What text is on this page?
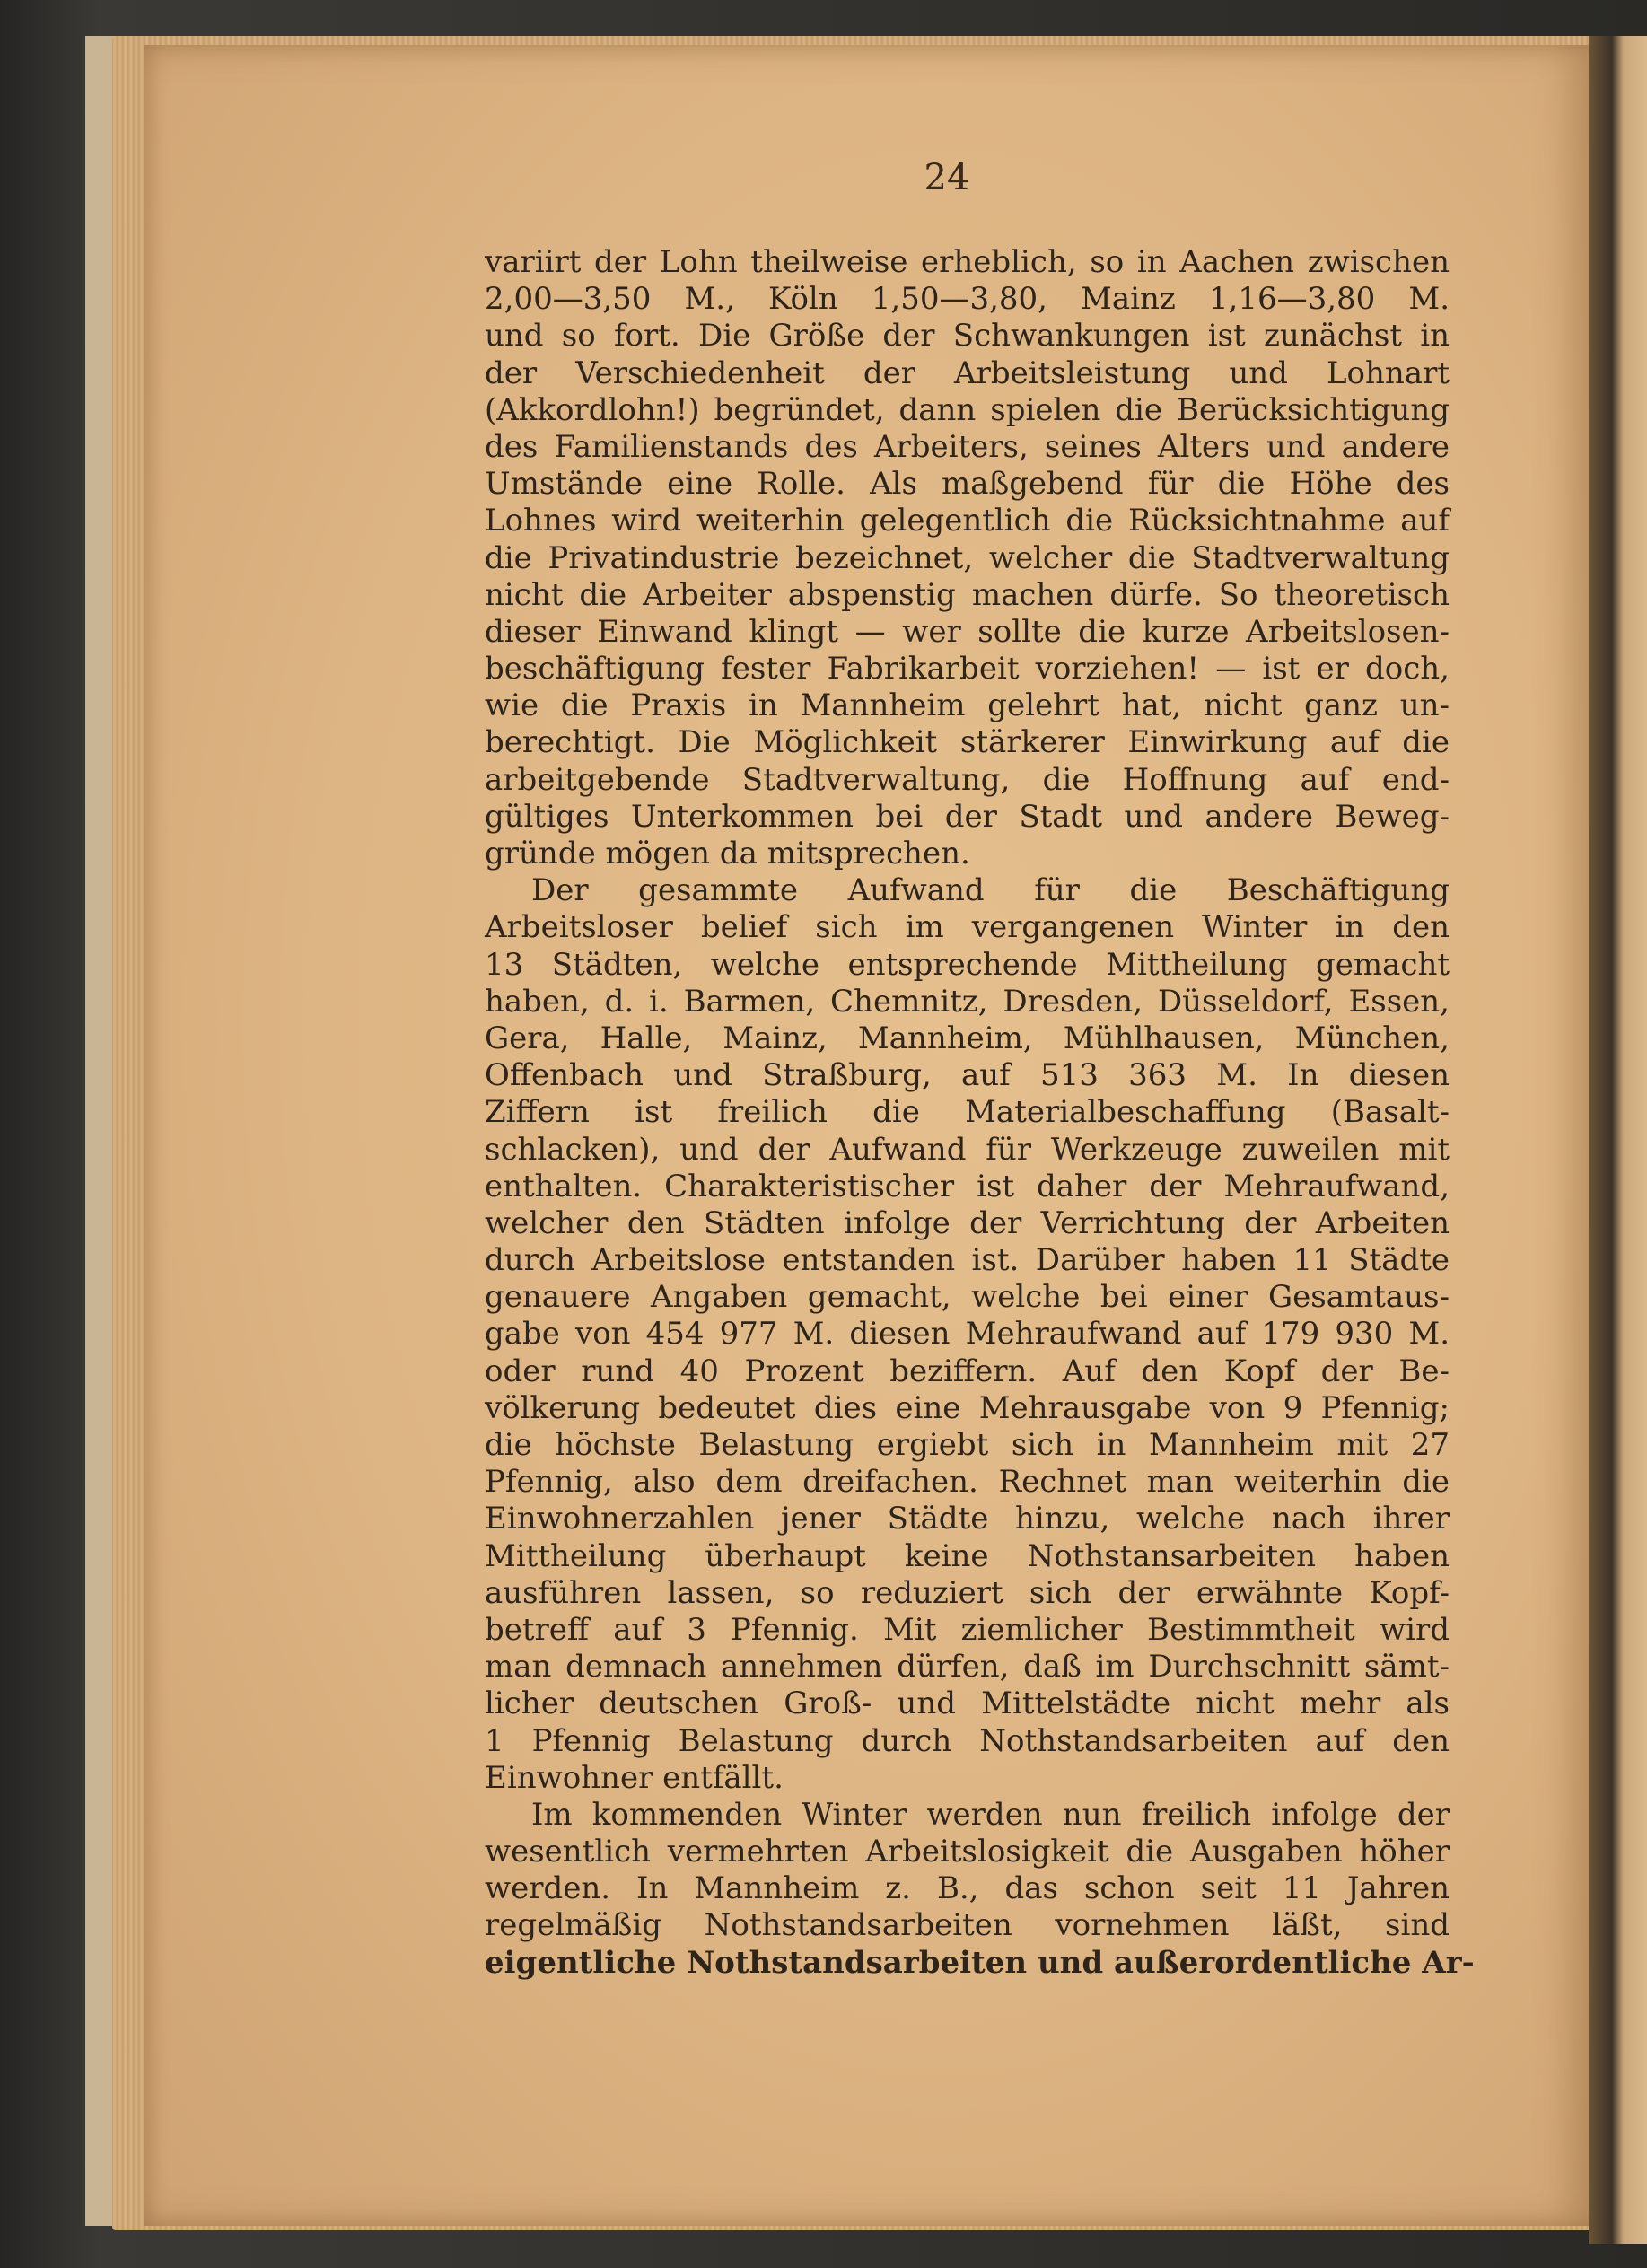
24
variirt der Lohn theilweise erheblich, so in Aachen zwischen
2,00—3,50 M., Köln 1,50—3,80, Mainz 1,16—3,80 M.
und so fort. Die Größe der Schwankungen ist zunächst in
der Verschiedenheit der Arbeitsleistung und Lohnart
(Akkordlohn!) begründet, dann spielen die Berücksichtigung
des Familienstands des Arbeiters, seines Alters und andere
Umstände eine Rolle. Als maßgebend für die Höhe des
Lohnes wird weiterhin gelegentlich die Rücksichtnahme auf
die Privatindustrie bezeichnet, welcher die Stadtverwaltung
nicht die Arbeiter abspenstig machen dürfe. So theoretisch
dieser Einwand klingt — wer sollte die kurze Arbeitslosen-
beschäftigung fester Fabrikarbeit vorziehen! — ist er doch,
wie die Praxis in Mannheim gelehrt hat, nicht ganz un-
berechtigt. Die Möglichkeit stärkerer Einwirkung auf die
arbeitgebende Stadtverwaltung, die Hoffnung auf end-
gültiges Unterkommen bei der Stadt und andere Beweg-
gründe mögen da mitsprechen.
Der gesammte Aufwand für die Beschäftigung
Arbeitsloser belief sich im vergangenen Winter in den
13 Städten, welche entsprechende Mittheilung gemacht
haben, d. i. Barmen, Chemnitz, Dresden, Düsseldorf, Essen,
Gera, Halle, Mainz, Mannheim, Mühlhausen, München,
Offenbach und Straßburg, auf 513 363 M. In diesen
Ziffern ist freilich die Materialbeschaffung (Basalt-
schlacken), und der Aufwand für Werkzeuge zuweilen mit
enthalten. Charakteristischer ist daher der Mehraufwand,
welcher den Städten infolge der Verrichtung der Arbeiten
durch Arbeitslose entstanden ist. Darüber haben 11 Städte
genauere Angaben gemacht, welche bei einer Gesamtaus-
gabe von 454 977 M. diesen Mehraufwand auf 179 930 M.
oder rund 40 Prozent beziffern. Auf den Kopf der Be-
völkerung bedeutet dies eine Mehrausgabe von 9 Pfennig;
die höchste Belastung ergiebt sich in Mannheim mit 27
Pfennig, also dem dreifachen. Rechnet man weiterhin die
Einwohnerzahlen jener Städte hinzu, welche nach ihrer
Mittheilung überhaupt keine Nothstansarbeiten haben
ausführen lassen, so reduziert sich der erwähnte Kopf-
betreff auf 3 Pfennig. Mit ziemlicher Bestimmtheit wird
man demnach annehmen dürfen, daß im Durchschnitt sämt-
licher deutschen Groß- und Mittelstädte nicht mehr als
1 Pfennig Belastung durch Nothstandsarbeiten auf den
Einwohner entfällt.
Im kommenden Winter werden nun freilich infolge der
wesentlich vermehrten Arbeitslosigkeit die Ausgaben höher
werden. In Mannheim z. B., das schon seit 11 Jahren
regelmäßig Nothstandsarbeiten vornehmen läßt, sind
eigentliche Nothstandsarbeiten und außerordentliche Ar-
